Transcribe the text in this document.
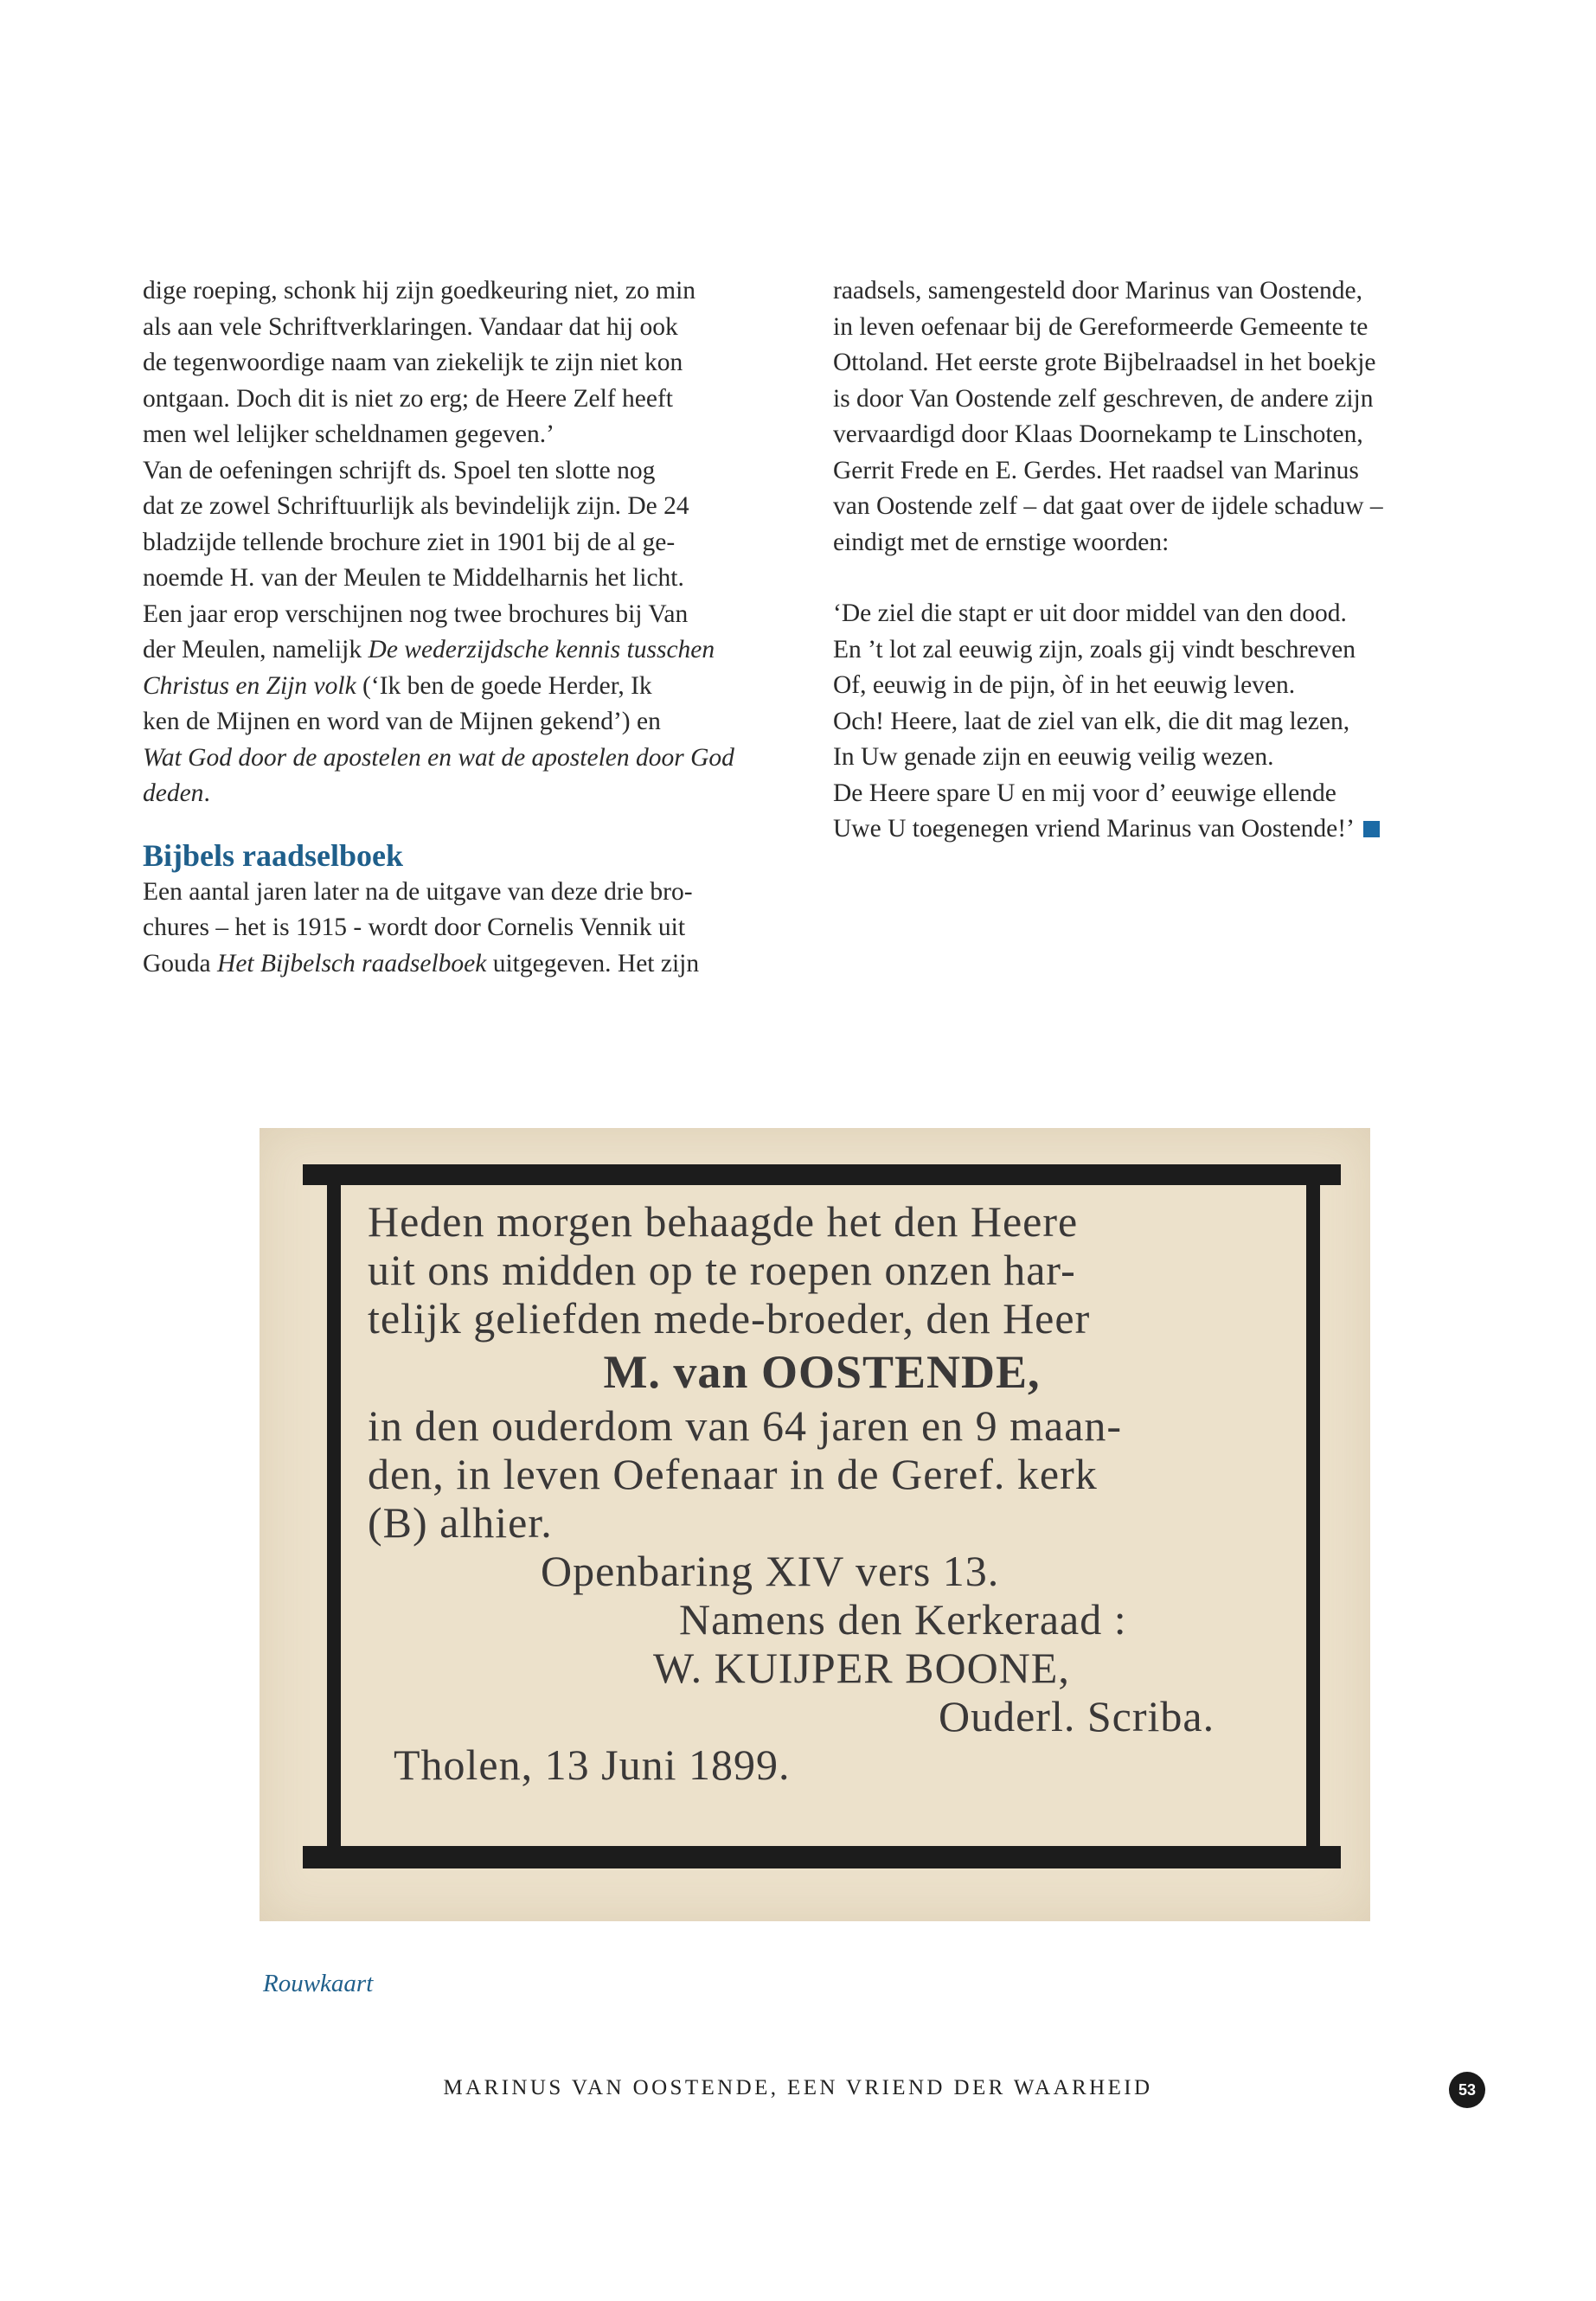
dige roeping, schonk hij zijn goedkeuring niet, zo min

als aan vele Schriftverklaringen. Vandaar dat hij ook

de tegenwoordige naam van ziekelijk te zijn niet kon

ontgaan. Doch dit is niet zo erg; de Heere Zelf heeft

men wel lelijker scheldnamen gegeven.’

Van de oefeningen schrijft ds. Spoel ten slotte nog

dat ze zowel Schriftuurlijk als bevindelijk zijn. De 24

bladzijde tellende brochure ziet in 1901 bij de al ge-

noemde H. van der Meulen te Middelharnis het licht.

Een jaar erop verschijnen nog twee brochures bij Van

der Meulen, namelijk De wederzijdsche kennis tusschen

Christus en Zijn volk (‘Ik ben de goede Herder, Ik

ken de Mijnen en word van de Mijnen gekend’) en

Wat God door de apostelen en wat de apostelen door God

deden.

Bijbels raadselboek

Een aantal jaren later na de uitgave van deze drie bro-

chures – het is 1915 - wordt door Cornelis Vennik uit

Gouda Het Bijbelsch raadselboek uitgegeven. Het zijn

raadsels, samengesteld door Marinus van Oostende,

in leven oefenaar bij de Gereformeerde Gemeente te

Ottoland. Het eerste grote Bijbelraadsel in het boekje

is door Van Oostende zelf geschreven, de andere zijn

vervaardigd door Klaas Doornekamp te Linschoten,

Gerrit Frede en E. Gerdes. Het raadsel van Marinus

van Oostende zelf – dat gaat over de ijdele schaduw –

eindigt met de ernstige woorden:

‘De ziel die stapt er uit door middel van den dood.

En ’t lot zal eeuwig zijn, zoals gij vindt beschreven

Of, eeuwig in de pijn, òf in het eeuwig leven.

Och! Heere, laat de ziel van elk, die dit mag lezen,

In Uw genade zijn en eeuwig veilig wezen.

De Heere spare U en mij voor d’ eeuwige ellende

Uwe U toegenegen vriend Marinus van Oostende!’

Heden morgen behaagde het den Heere
uit ons midden op te roepen onzen har-
telijk geliefden mede-broeder, den Heer
M. van OOSTENDE,
in den ouderdom van 64 jaren en 9 maan-
den, in leven Oefenaar in de Geref. kerk
(B) alhier.
Openbaring XIV vers 13.
Namens den Kerkeraad :
W. KUIJPER BOONE,
Ouderl. Scriba.
Tholen, 13 Juni 1899.
Rouwkaart
MARINUS VAN OOSTENDE, EEN VRIEND DER WAARHEID	53
